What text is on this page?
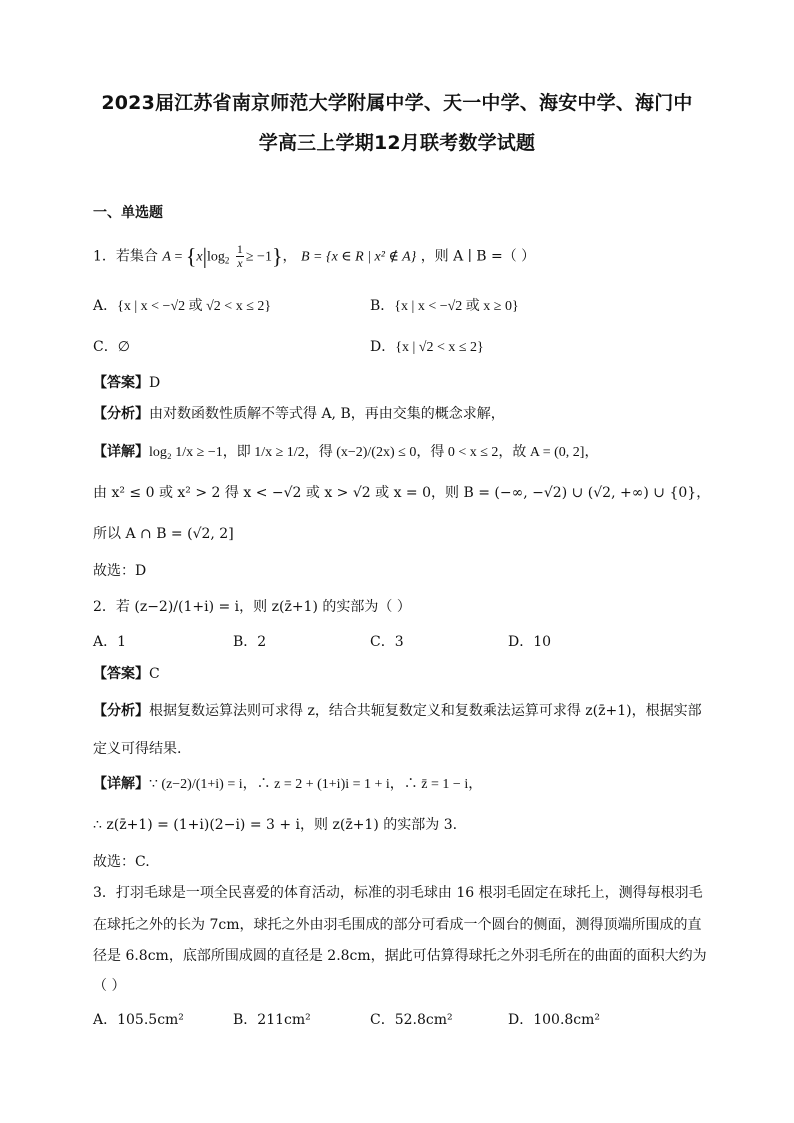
2023届江苏省南京师范大学附属中学、天一中学、海安中学、海门中
学高三上学期12月联考数学试题
一、单选题
1．若集合 $A = \{x|\log_2 \frac{1}{x} \ge -1\}$， B = {x ∈ R | x² ∉ A} ，则 A ∣ B =（ ）
A．{x | x < −√2 或 √2 < x ≤ 2}	B．{x | x < −√2 或 x ≥ 0}
C．∅	D．{x | √2 < x ≤ 2}
【答案】D
【分析】由对数函数性质解不等式得 A, B，再由交集的概念求解，
【详解】log₂ 1/x ≥ −1，即 1/x ≥ 1/2，得 (x−2)/(2x) ≤ 0，得 0 < x ≤ 2，故 A = (0, 2]，
由 x² ≤ 0 或 x² > 2 得 x < −√2 或 x > √2 或 x = 0，则 B = (−∞, −√2) ∪ (√2, +∞) ∪ {0}，
所以 A ∩ B = (√2, 2]
故选：D
2．若 (z−2)/(1+i) = i，则 z(z̄+1) 的实部为（ ）
A．1	B．2	C．3	D．10
【答案】C
【分析】根据复数运算法则可求得 z，结合共轭复数定义和复数乘法运算可求得 z(z̄+1)，根据实部
定义可得结果.
【详解】∵ (z−2)/(1+i) = i，∴ z = 2 + (1+i)i = 1 + i，∴ z̄ = 1 − i，
∴ z(z̄+1) = (1+i)(2−i) = 3 + i，则 z(z̄+1) 的实部为 3.
故选：C.
3．打羽毛球是一项全民喜爱的体育活动，标准的羽毛球由 16 根羽毛固定在球托上，测得每根羽毛
在球托之外的长为 7cm，球托之外由羽毛围成的部分可看成一个圆台的侧面，测得顶端所围成的直
径是 6.8cm，底部所围成圆的直径是 2.8cm，据此可估算得球托之外羽毛所在的曲面的面积大约为
（ ）
A．105.5cm²	B．211cm²	C．52.8cm²	D．100.8cm²
